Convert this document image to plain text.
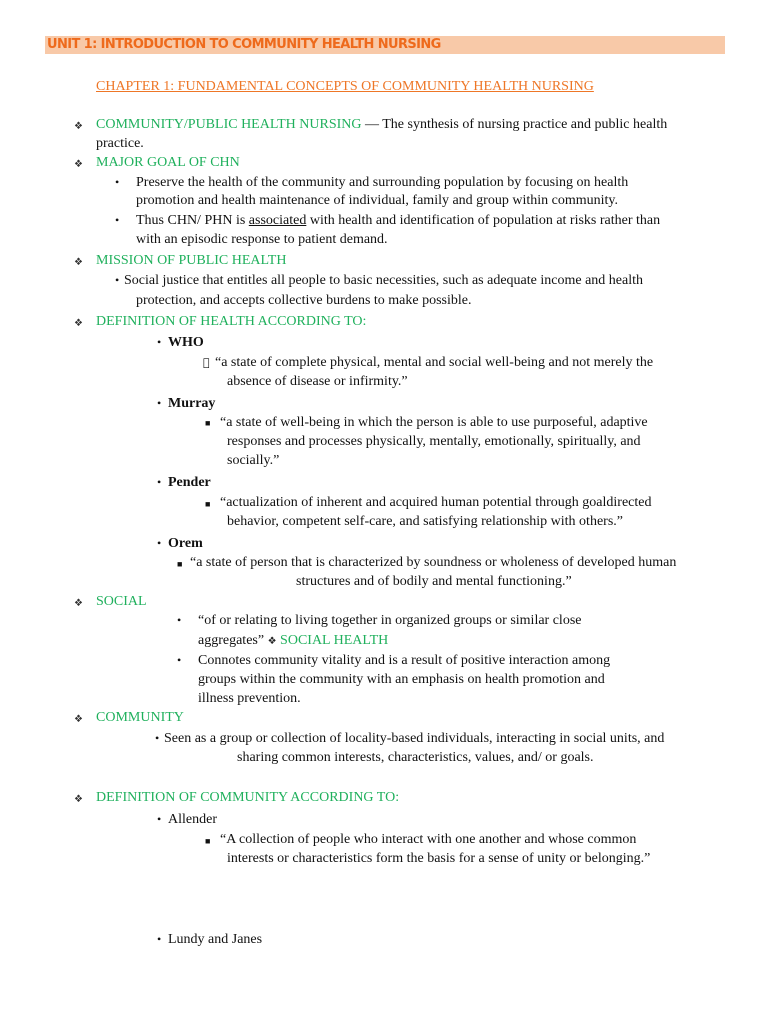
UNIT 1: INTRODUCTION TO COMMUNITY HEALTH NURSING
CHAPTER 1: FUNDAMENTAL CONCEPTS OF COMMUNITY HEALTH NURSING
❖ COMMUNITY/PUBLIC HEALTH NURSING — The synthesis of nursing practice and public health
practice.
❖ MAJOR GOAL OF CHN
• Preserve the health of the community and surrounding population by focusing on health
promotion and health maintenance of individual, family and group within community.
• Thus CHN/ PHN is associated with health and identification of population at risks rather than
with an episodic response to patient demand.
❖ MISSION OF PUBLIC HEALTH
• Social justice that entitles all people to basic necessities, such as adequate income and health
protection, and accepts collective burdens to make possible.
❖ DEFINITION OF HEALTH ACCORDING TO:
• WHO
“a state of complete physical, mental and social well-being and not merely the
absence of disease or infirmity.”
• Murray
■ “a state of well-being in which the person is able to use purposeful, adaptive
responses and processes physically, mentally, emotionally, spiritually, and
socially.”
• Pender
■ “actualization of inherent and acquired human potential through goaldirected
behavior, competent self-care, and satisfying relationship with others.”
• Orem
■ “a state of person that is characterized by soundness or wholeness of developed human
structures and of bodily and mental functioning.”
❖ SOCIAL
• “of or relating to living together in organized groups or similar close
aggregates” ❖ SOCIAL HEALTH
• Connotes community vitality and is a result of positive interaction among
groups within the community with an emphasis on health promotion and
illness prevention.
❖ COMMUNITY
• Seen as a group or collection of locality-based individuals, interacting in social units, and
sharing common interests, characteristics, values, and/ or goals.
❖ DEFINITION OF COMMUNITY ACCORDING TO:
• Allender
■ “A collection of people who interact with one another and whose common
interests or characteristics form the basis for a sense of unity or belonging.”
• Lundy and Janes
